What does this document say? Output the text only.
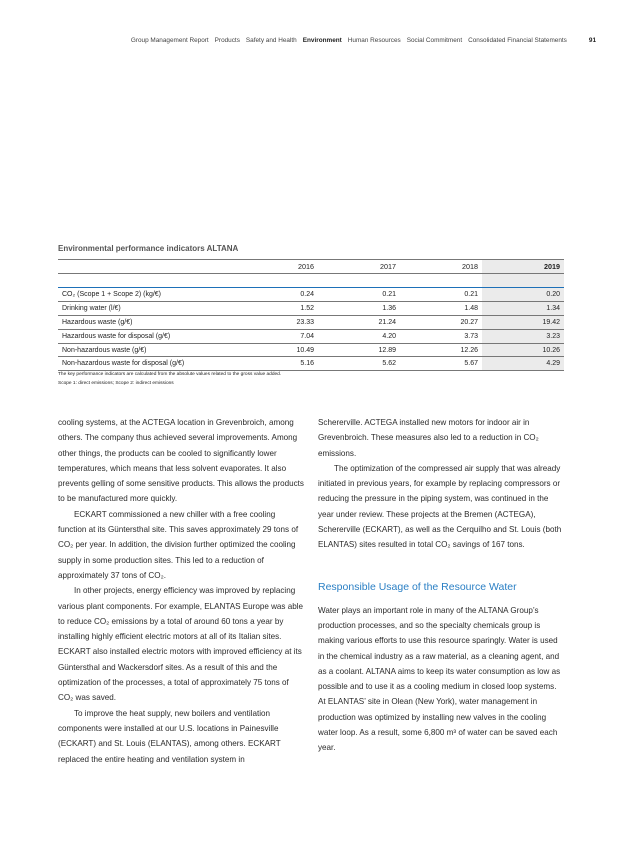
Group Management Report Products Safety and Health Environment Human Resources Social Commitment Consolidated Financial Statements	91
Environmental performance indicators ALTANA
	2016	2017	2018	2019

CO₂ (Scope 1 + Scope 2) (kg/€)	0.24	0.21	0.21	0.20
Drinking water (l/€)	1.52	1.36	1.48	1.34
Hazardous waste (g/€)	23.33	21.24	20.27	19.42
Hazardous waste for disposal (g/€)	7.04	4.20	3.73	3.23
Non-hazardous waste (g/€)	10.49	12.89	12.26	10.26
Non-hazardous waste for disposal (g/€)	5.16	5.62	5.67	4.29
The key performance indicators are calculated from the absolute values related to the gross value added.
Scope 1: direct emissions; Scope 2: indirect emissions

cooling systems, at the ACTEGA location in Grevenbroich, among others. The company thus achieved several improvements. Among other things, the products can be cooled to significantly lower temperatures, which means that less solvent evaporates. It also prevents gelling of some sensitive products. This allows the products to be manufactured more quickly.

ECKART commissioned a new chiller with a free cooling function at its Güntersthal site. This saves approximately 29 tons of CO₂ per year. In addition, the division further optimized the cooling supply in some production sites. This led to a reduction of approximately 37 tons of CO₂.

In other projects, energy efficiency was improved by replacing various plant components. For example, ELANTAS Europe was able to reduce CO₂ emissions by a total of around 60 tons a year by installing highly efficient electric motors at all of its Italian sites. ECKART also installed electric motors with improved efficiency at its Güntersthal and Wackersdorf sites. As a result of this and the optimization of the processes, a total of approximately 75 tons of CO₂ was saved.

To improve the heat supply, new boilers and ventilation components were installed at our U.S. locations in Painesville (ECKART) and St. Louis (ELANTAS), among others. ECKART replaced the entire heating and ventilation system in

Schererville. ACTEGA installed new motors for indoor air in Grevenbroich. These measures also led to a reduction in CO₂ emissions.

The optimization of the compressed air supply that was already initiated in previous years, for example by replacing compressors or reducing the pressure in the piping system, was continued in the year under review. These projects at the Bremen (ACTEGA), Schererville (ECKART), as well as the Cerquilho and St. Louis (both ELANTAS) sites resulted in total CO₂ savings of 167 tons.

Responsible Usage of the Resource Water

Water plays an important role in many of the ALTANA Group’s production processes, and so the specialty chemicals group is making various efforts to use this resource sparingly. Water is used in the chemical industry as a raw material, as a cleaning agent, and as a coolant. ALTANA aims to keep its water consumption as low as possible and to use it as a cooling medium in closed loop systems. At ELANTAS’ site in Olean (New York), water management in production was optimized by installing new valves in the cooling water loop. As a result, some 6,800 m³ of water can be saved each year.
